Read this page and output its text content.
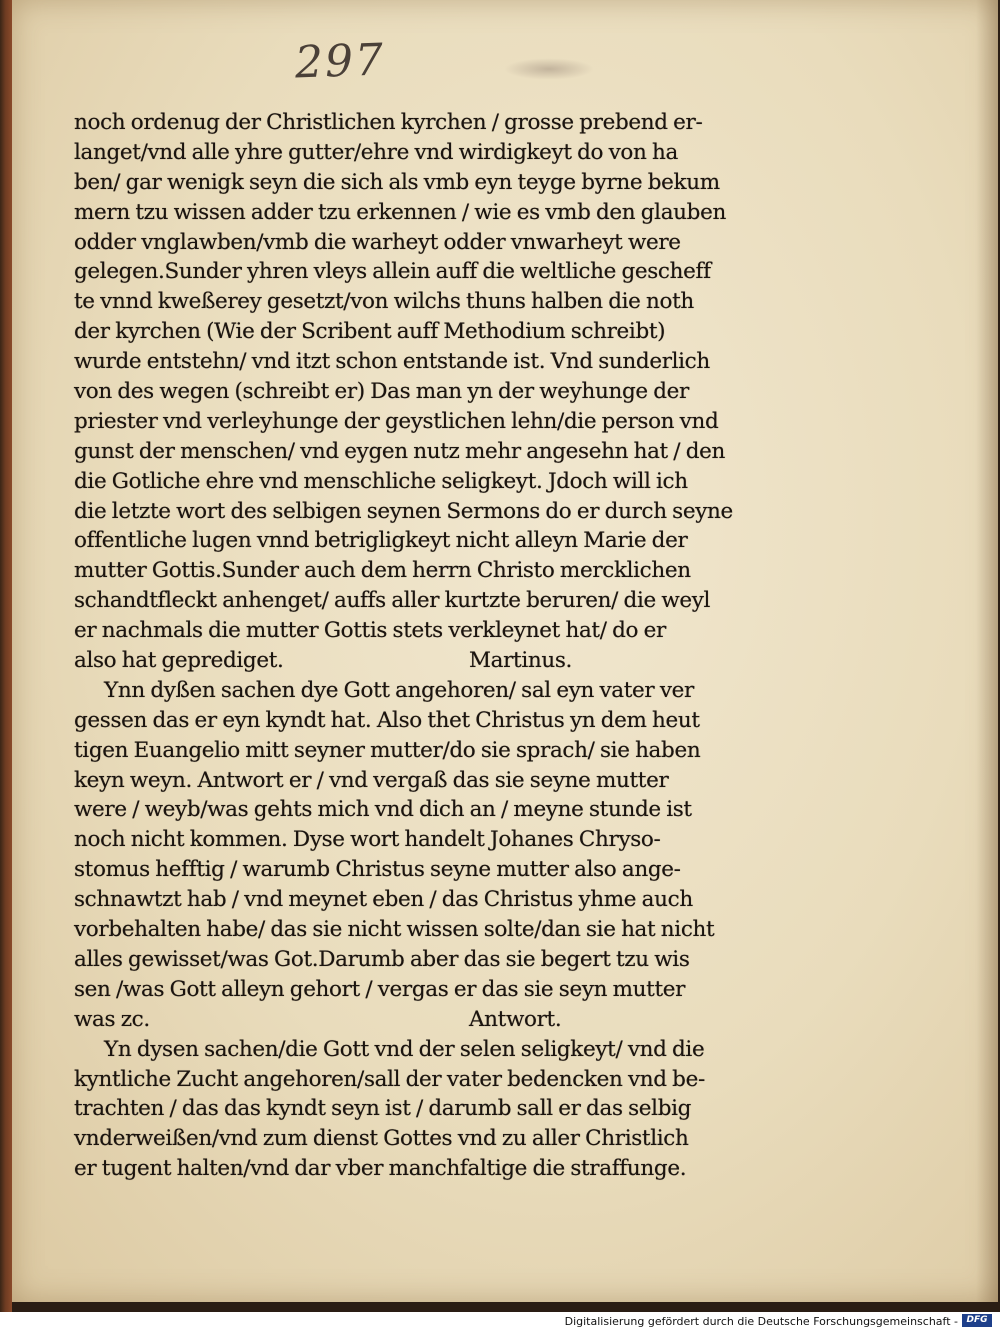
297
noch ordenug der Christlichen kyrchen / grosse prebend er-
langet/vnd alle yhre gutter/ehre vnd wirdigkeyt do von ha
ben/ gar wenigk seyn die sich als vmb eyn teyge byrne bekum
mern tzu wissen adder tzu erkennen / wie es vmb den glauben
odder vnglawben/vmb die warheyt odder vnwarheyt were
gelegen.Sunder yhren vleys allein auff die weltliche gescheff
te vnnd kweßerey gesetzt/von wilchs thuns halben die noth
der kyrchen (Wie der Scribent auff Methodium schreibt)
wurde entstehn/ vnd itzt schon entstande ist. Vnd sunderlich
von des wegen (schreibt er) Das man yn der weyhunge der
priester vnd verleyhunge der geystlichen lehn/die person vnd
gunst der menschen/ vnd eygen nutz mehr angesehn hat / den
die Gotliche ehre vnd menschliche seligkeyt. Jdoch will ich
die letzte wort des selbigen seynen Sermons do er durch seyne
offentliche lugen vnnd betrigligkeyt nicht alleyn Marie der
mutter Gottis.Sunder auch dem herrn Christo mercklichen
schandtfleckt anhenget/ auffs aller kurtzte beruren/ die weyl
er nachmals die mutter Gottis stets verkleynet hat/ do er
also hat geprediget.	Martinus.
Ynn dyßen sachen dye Gott angehoren/ sal eyn vater ver
gessen das er eyn kyndt hat. Also thet Christus yn dem heut
tigen Euangelio mitt seyner mutter/do sie sprach/ sie haben
keyn weyn. Antwort er / vnd vergaß das sie seyne mutter
were / weyb/was gehts mich vnd dich an / meyne stunde ist
noch nicht kommen. Dyse wort handelt Johanes Chryso-
stomus hefftig / warumb Christus seyne mutter also ange-
schnawtzt hab / vnd meynet eben / das Christus yhme auch
vorbehalten habe/ das sie nicht wissen solte/dan sie hat nicht
alles gewisset/was Got.Darumb aber das sie begert tzu wis
sen /was Gott alleyn gehort / vergas er das sie seyn mutter
was zc.	Antwort.
Yn dysen sachen/die Gott vnd der selen seligkeyt/ vnd die
kyntliche Zucht angehoren/sall der vater bedencken vnd be-
trachten / das das kyndt seyn ist / darumb sall er das selbig
vnderweißen/vnd zum dienst Gottes vnd zu aller Christlich
er tugent halten/vnd dar vber manchfaltige die straffunge.
Digitalisierung gefördert durch die Deutsche Forschungsgemeinschaft - DFG
